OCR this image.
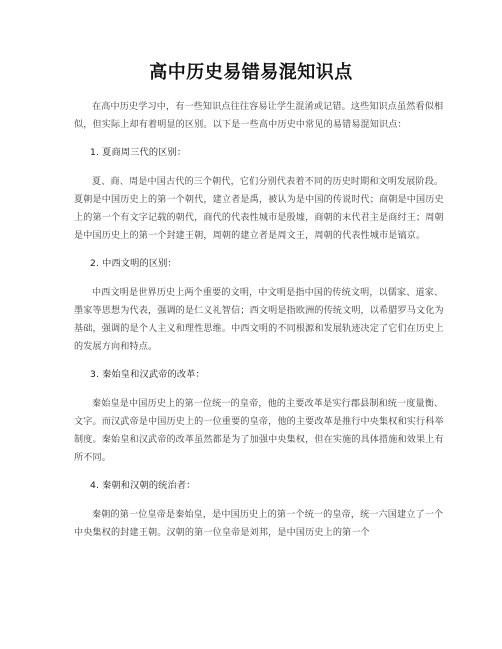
高中历史易错易混知识点

在高中历史学习中，有一些知识点往往容易让学生混淆或记错。这些知识点虽然看似相似，但实际上却有着明显的区别。以下是一些高中历史中常见的易错易混知识点：

1. 夏商周三代的区别：

夏、商、周是中国古代的三个朝代，它们分别代表着不同的历史时期和文明发展阶段。夏朝是中国历史上的第一个朝代，建立者是禹，被认为是中国的传说时代；商朝是中国历史上的第一个有文字记载的朝代，商代的代表性城市是殷墟，商朝的末代君主是商纣王；周朝是中国历史上的第一个封建王朝，周朝的建立者是周文王，周朝的代表性城市是镐京。

2. 中西文明的区别：

中西文明是世界历史上两个重要的文明，中文明是指中国的传统文明，以儒家、道家、墨家等思想为代表，强调的是仁义礼智信；西文明是指欧洲的传统文明，以希腊罗马文化为基础，强调的是个人主义和理性思维。中西文明的不同根源和发展轨迹决定了它们在历史上的发展方向和特点。

3. 秦始皇和汉武帝的改革：

秦始皇是中国历史上的第一位统一的皇帝，他的主要改革是实行郡县制和统一度量衡、文字。而汉武帝是中国历史上的一位重要的皇帝，他的主要改革是推行中央集权和实行科举制度。秦始皇和汉武帝的改革虽然都是为了加强中央集权，但在实施的具体措施和效果上有所不同。

4. 秦朝和汉朝的统治者：

秦朝的第一位皇帝是秦始皇，是中国历史上的第一个统一的皇帝，统一六国建立了一个中央集权的封建王朝。汉朝的第一位皇帝是刘邦，是中国历史上的第一个
